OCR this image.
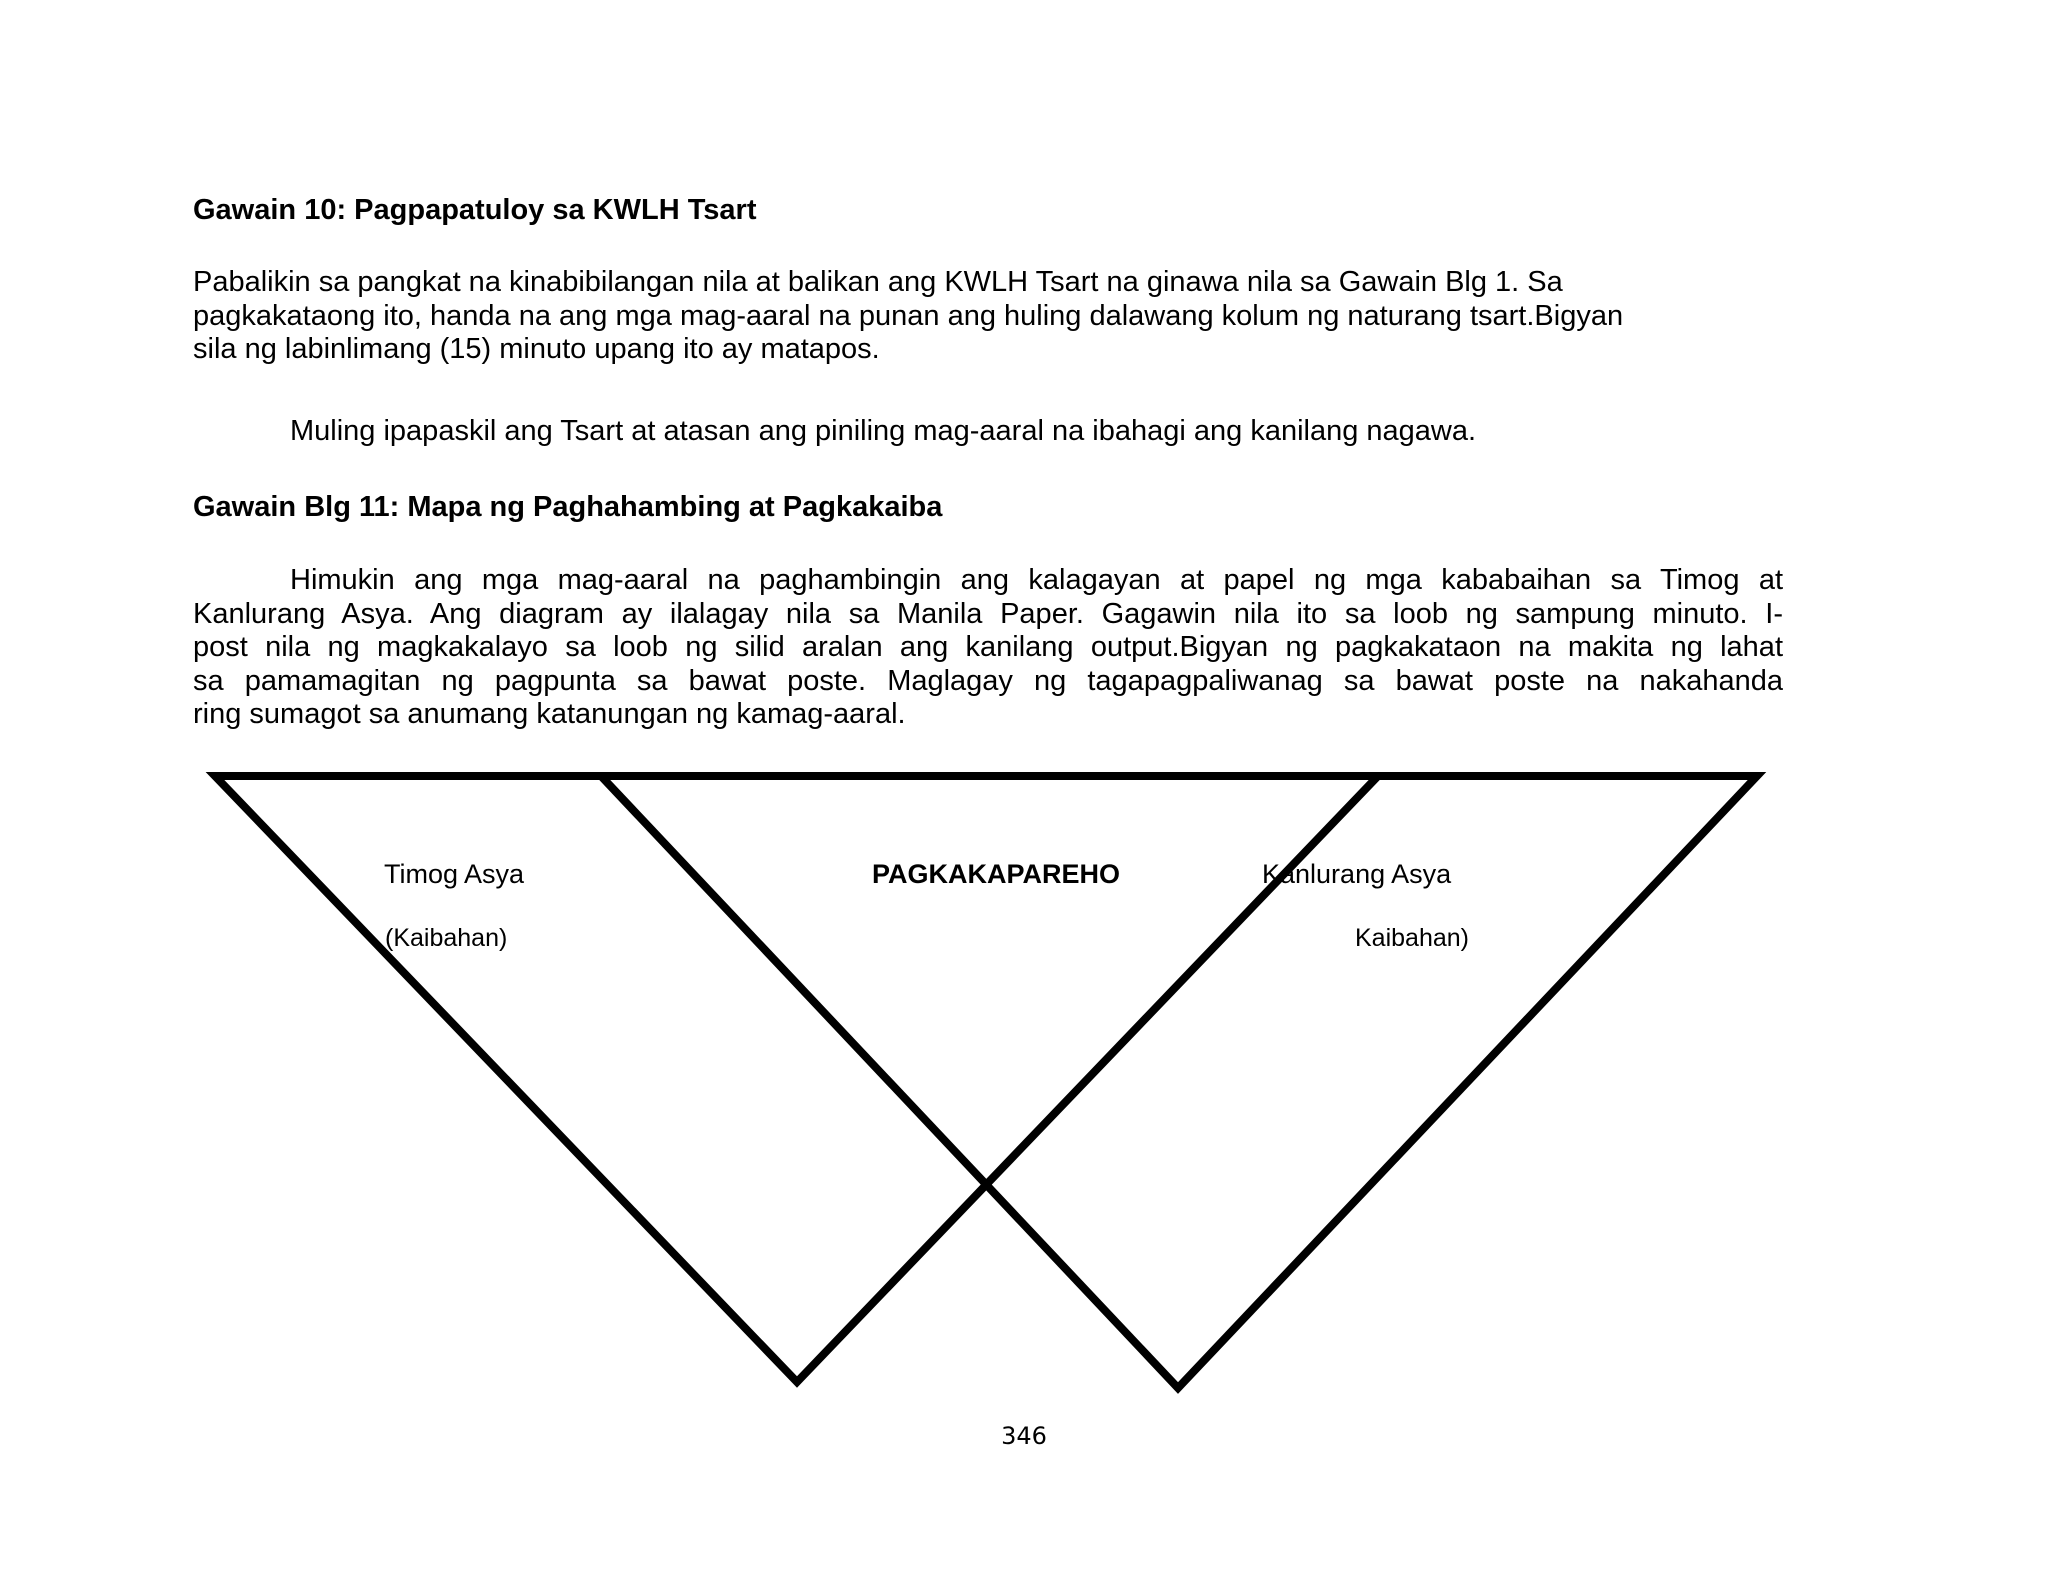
Gawain 10: Pagpapatuloy sa KWLH Tsart

Pabalikin sa pangkat na kinabibilangan nila at balikan ang KWLH Tsart na ginawa nila sa Gawain Blg 1. Sa
pagkakataong ito, handa na ang mga mag-aaral na punan ang huling dalawang kolum ng naturang tsart.Bigyan
sila ng labinlimang (15) minuto upang ito ay matapos.

Muling ipapaskil ang Tsart at atasan ang piniling mag-aaral na ibahagi ang kanilang nagawa.

Gawain Blg 11: Mapa ng Paghahambing at Pagkakaiba

Himukin ang mga mag-aaral na paghambingin ang kalagayan at papel ng mga kababaihan sa Timog at
Kanlurang Asya. Ang diagram ay ilalagay nila sa Manila Paper. Gagawin nila ito sa loob ng sampung minuto. I-
post nila ng magkakalayo sa loob ng silid aralan ang kanilang output.Bigyan ng pagkakataon na makita ng lahat
sa pamamagitan ng pagpunta sa bawat poste. Maglagay ng tagapagpaliwanag sa bawat poste na nakahanda
ring sumagot sa anumang katanungan ng kamag-aaral.

Timog Asya
(Kaibahan)
PAGKAKAPAREHO	Kanlurang Asya
Kaibahan)
346
